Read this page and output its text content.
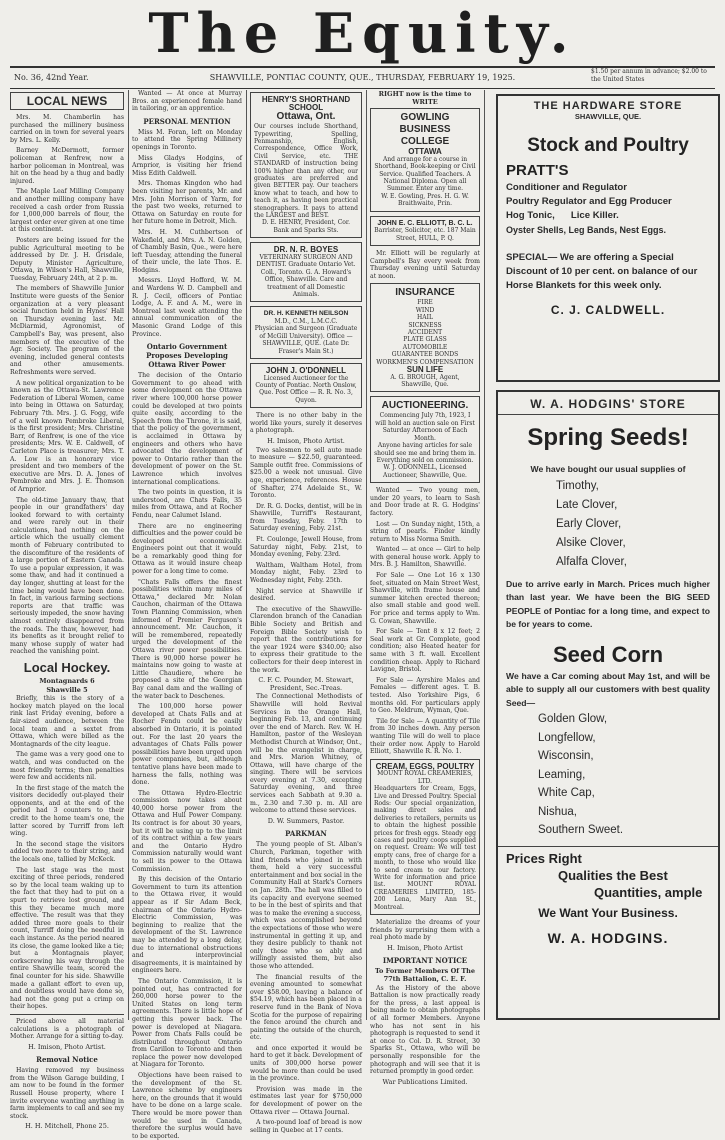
The Equity.
No. 36, 42nd Year.	SHAWVILLE, PONTIAC COUNTY, QUE., THURSDAY, FEBRUARY 19, 1925.
$1.50 per annum in advance; $2.00 to the United States
LOCAL NEWS

Mrs. M. Chamberlin has purchased the millinery business carried on in town for several years by Mrs. L. Kelly.

Barney McDermott, former policeman at Renfrew, now a harbor policeman in Montreal, was hit on the head by a thug and badly injured.

The Maple Leaf Milling Company and another milling company have received a cash order from Russia for 1,000,000 barrels of flour, the largest order ever given at one time at this continent.

Posters are being issued for the public Agricultural meeting to be addressed by Dr. J. H. Grisdale, Deputy Minister Agriculture, Ottawa, in Wilson's Hall, Shawville, Tuesday, February 24th, at 2 p. m.

The members of Shawville Junior Institute were guests of the Senior organization at a very pleasant social function held in Hynes' Hall on Thursday evening last. Mr. McDiarmid, Agronomist, of Campbell's Bay, was present, also members of the executive of the Agr. Society. The program of the evening, included general contests and other amusements. Refreshments were served.

A new political organization to be known as the Ottawa-St. Lawrence Federation of Liberal Women, came into being in Ottawa on Saturday, February 7th. Mrs. J. G. Fogg, wife of a well known Pembroke Liberal, is the first president; Mrs. Christine Barr, of Renfrew, is one of the vice presidents; Mrs. W. E. Caldwell, of Carleton Place is treasurer; Mrs. T. A. Low is an honorary vice president and two members of the executive are Mrs. D. A. Jones of Pembroke and Mrs. J. E. Thomson of Arnprior.

The old-time January thaw, that people in our grandfathers' day looked forward to with certainty and were rarely out in their calculations, had nothing on the article which the usually clement month of February contributed to the discomfiture of the residents of a large portion of Eastern Canada. To use a popular expression, it was some thaw, and had it continued a day longer, shutting at least for the time being would have been done. In fact, in various farming sections reports are that traffic was seriously impeded, the snow having almost entirely disappeared from the roads. The thaw, however, had its benefits as it brought relief to many whose supply of water had reached the vanishing point.

Local Hockey.
Montagnards 6
Shawville 5

Briefly, this is the story of a hockey match played on the local rink last Friday evening, before a fair-sized audience, between the local team and a sextet from Ottawa, which were billed as the Montagnards of the city league.

The game was a very good one to watch, and was conducted on the most friendly terms; then penalties were few and accidents nil.

In the first stage of the match the visitors decidedly out-played their opponents, and at the end of the period had 3 counters to their credit to the home team's one, the latter scored by Turriff from left wing.

In the second stage the visitors added two more to their string, and the locals one, tallied by McKeck.

The last stage was the most exciting of three periods, rendered so by the local team waking up to the fact that they had to put on a spurt to retrieve lost ground, and this they became much more effective. The result was that they added three more goals to their count, Turriff doing the needful in each instance. As the period neared its close, the game looked like a tie; but a Montagnais player, corkscrewing his way through the entire Shawville team, scored the final counter for his side. Shawville made a gallant effort to even up, and doubtless would have done so, had not the gong put a crimp on their hopes.

Priced above all material calculations is a photograph of Mother. Arrange for a sitting to-day.

H. Imison, Photo Artist.
Removal Notice

Having removed my business from the Wilson Garage building, I am now to be found in the former Russell House property, where I invite everyone wanting anything in farm implements to call and see my stock.

H. H. Mitchell, Phone 25.

Wanted — At once at Murray Bros. an experienced female hand in tailoring, or an apprentice.

PERSONAL MENTION

Miss M. Foran, left on Monday to attend the Spring Millinery openings in Toronto.

Miss Gladys Hodgins, of Arnprior, is visiting her friend Miss Edith Caldwell.

Mrs. Thomas Kingdon who had been visiting her parents, Mr. and Mrs. John Morrison of Yarm, for the past two weeks, returned to Ottawa on Saturday en route for her future home in Detroit, Mich.

Mrs. H. M. Cuthbertson of Wakefield, and Mrs. A. N. Golden, of Chambly Basin, Que., were here left Tuesday, attending the funeral of their uncle, the late Thos. E. Hodgins.

Messrs. Lloyd Hofford, W. M. and Wardens W. D. Campbell and R. J. Cecil, officers of Pontiac Lodge, A. F. and A. M., were in Montreal last week attending the annual communication of the Masonic Grand Lodge of this Province.

Ontario Government Proposes Developing Ottawa River Power

The decision of the Ontario Government to go ahead with some development on the Ottawa river where 100,000 horse power could be developed at two points quite easily, according to the Speech from the Throne, it is said, that the policy of the government, is acclaimed in Ottawa by engineers and others who have advocated the development of power to Ontario rather than the development of power on the St. Lawrence which involves international complications.

The two points in question, it is understood, are Chats Falls, 35 miles from Ottawa, and at Rocher Fendu, near Calumet Island.

There are no engineering difficulties and the power could be developed economically. Engineers point out that it would be a remarkably good thing for Ottawa as it would insure cheap power for a long time to come.

"Chats Falls offers the finest possibilities within many miles of Ottawa," declared Mr. Nolan Cauchon, chairman of the Ottawa Town Planning Commission, when informed of Premier Ferguson's announcement. Mr. Cauchon, it will be remembered, repeatedly urged the development of the Ottawa river power possibilities. There is 90,000 horse power he maintains now going to waste at Little Chaudiere, where he proposed a site of the Georgian Bay canal dam and the walling of the water back to Deschenes.

The 100,000 horse power developed at Chats Falls and at Rocher Fendu could be easily absorbed in Ontario, it is pointed out. For the last 20 years the advantages of Chats Falls power possibilities have been urged upon power companies, but, although tentative plans have been made to harness the falls, nothing was done.

The Ottawa Hydro-Electric commission now takes about 40,000 horse power from the Ottawa and Hull Power Company. Its contract is for about 30 years, but it will be using up to the limit of its contract within a few years and the Ontario Hydro Commission naturally would want to sell its power to the Ottawa Commission.

By this decision of the Ontario Government to turn its attention to the Ottawa river, it would appear as if Sir Adam Beck, chairman of the Ontario Hydro-Electric Commission, was beginning to realize that the development of the St. Lawrence may be attended by a long delay, due to international obstructions and interprovincial disagreements, it is maintained by engineers here.

The Ontario Commission, it is pointed out, has contracted for 260,000 horse power to the United States on long term agreements. There is little hope of getting this power back. The power is developed at Niagara. Power from Chats Falls could be distributed throughout Ontario from Carillon to Toronto and then replace the power now developed at Niagara for Toronto.

Objections have been raised to the development of the St. Lawrence scheme by engineers here, on the grounds that it would have to be done on a large scale. There would be more power than would be used in Canada, therefore the surplus would have to be exported.

HENRY'S SHORTHAND SCHOOL
Ottawa, Ont.
Our courses include Shorthand, Typewriting, Spelling, Penmanship, English, Correspondence, Office Work, Civil Service, etc. THE STANDARD of instruction being 100% higher than any other, our graduates are preferred and given BETTER pay. Our teachers know what to teach, and how to teach it, as having been practical stenographers. It pays to attend the LARGEST and BEST.
D. E. HENRY, President, Cor. Bank and Sparks Sts.
DR. N. R. BOYES
VETERINARY SURGEON AND DENTIST. Graduate Ontario Vet. Coll., Toronto. G. A. Howard's Office, Shawville. Care and treatment of all Domestic Animals.
DR. H. KENNETH NEILSON
M.D., C.M., L.M.C.C.
Physician and Surgeon (Graduate of McGill University). Office — SHAWVILLE, QUE. (Late Dr. Fraser's Main St.)
JOHN J. O'DONNELL
Licensed Auctioneer for the County of Pontiac. North Onslow, Que. Post Office — R. R. No. 3, Quyon.

There is no other baby in the world like yours, surely it deserves a photograph.

H. Imison, Photo Artist.

Two salesmen to sell auto made to measure — $22.50, guaranteed. Sample outfit free. Commissions of $25.00 a week not unusual. Give age, experience, references. House of Shafter, 274 Adelaide St., W. Toronto.

Dr. R. G. Docks, dentist, will be in Shawville, Turriff's Restaurant, from Tuesday, Feby. 17th to Saturday evening, Feby. 21st.

Ft. Coulonge, Jewell House, from Saturday night, Feby. 21st, to Monday evening, Feby. 23rd.

Waltham, Waltham Hotel, from Monday night, Feby. 23rd to Wednesday night, Feby. 25th.

Night service at Shawville if desired.

The executive of the Shawville-Clarendon branch of the Canadian Bible Society and British and Foreign Bible Society wish to report that the contributions for the year 1924 were $340.00; also to express their gratitude to the collectors for their deep interest in the work.

C. F. C. Pounder, M. Stewart, President, Sec.-Treas.

The Connectional Methodists of Shawville will hold Revival Services in the Orange Hall, beginning Feb. 13, and continuing over the end of March. Rev. W. H. Hamilton, pastor of the Wesleyan Methodist Church at Windsor, Ont., will be the evangelist in charge, and Mrs. Marion Whitney, of Ottawa, will have charge of the singing. There will be services every evening at 7.30, excepting Saturday evening, and three services each Sabbath at 9.30 a. m., 2.30 and 7.30 p. m. All are welcome to attend these services.

D. W. Summers, Pastor.
PARKMAN

The young people of St. Alban's Church, Parkman, together with kind friends who joined in with them, held a very successful entertainment and box social in the Community Hall at Stark's Corners on Jan. 28th. The hall was filled to its capacity and everyone seemed to be in the best of spirits and that was to make the evening a success, which was accomplished beyond the expectations of those who were instrumental in getting it up, and they desire publicly to thank not only those who so ably and willingly assisted them, but also those who attended.

The financial results of the evening amounted to somewhat over $58.00, leaving a balance of $54.19, which has been placed in a reserve fund in the Bank of Nova Scotia for the purpose of repairing the fence around the church and painting the outside of the church, etc.

and once exported it would be hard to get it back. Development of units of 300,000 horse power would be more than could be used in the province.

Provision was made in the estimates last year for $750,000 for development of power on the Ottawa river — Ottawa Journal.

A two-pound loaf of bread is now selling in Quebec at 17 cents.

RIGHT now is the time to WRITE
GOWLING BUSINESS COLLEGE
OTTAWA
And arrange for a course in Shorthand, Book-keeping or Civil Service. Qualified Teachers. A National Diploma. Open all Summer. Enter any time.
W. E. Gowling, Pres. H. G. W. Braithwaite, Prin.
JOHN E. C. ELLIOTT, B. C. L.
Barrister, Solicitor, etc. 187 Main Street, HULL, P. Q.

Mr. Elliott will be regularly at Campbell's Bay every week from Thursday evening until Saturday at noon.

INSURANCE
FIRE
WIND
HAIL
SICKNESS
ACCIDENT
PLATE GLASS
AUTOMOBILE
GUARANTEE BONDS
WORKMEN'S COMPENSATION
SUN LIFE
A. G. BROUGH, Agent, Shawville, Que.
AUCTIONEERING.
Commencing July 7th, 1923, I will hold an auction sale on First Saturday Afternoon of Each Month.
Anyone having articles for sale should see me and bring them in. Everything sold on commission.
W. J. ODONNELL, Licensed Auctioneer, Shawville, Que.

Wanted — Two young men, under 20 years, to learn to Sash and Door trade at R. G. Hodgins' factory.

Lost — On Sunday night, 15th, a string of pearls. Finder kindly return to Miss Norma Smith.

Wanted — at once — Girl to help with general house work. Apply to Mrs. B. J. Hamilton, Shawville.

For Sale — One Lot 16 x 130 feet, situated on Main Street West, Shawville, with frame house and summer kitchen erected thereon; also small stable and good well. For price and terms apply to Wm. G. Cowan, Shawville.

For Sale — Tent 8 x 12 feet; 2 Seal work at Gr. Complete, good condition; also Heated heater for same with 3 ft. wall. Excellent condition cheap. Apply to Richard Lavigne, Bristol.

For Sale — Ayrshire Males and Females — different ages. T. B. tested. Also Yorkshire Pigs, 6 months old. For particulars apply to Geo. Meldrum, Wyman, Que.

Tile for Sale — A quantity of Tile from 30 inches down. Any person wanting Tile will do well to place their order now. Apply to Harold Elliott, Shawville R. R. No. 1.

CREAM, EGGS, POULTRY
MOUNT ROYAL CREAMERIES, LTD.
Headquarters for Cream, Eggs, Live and Dressed Poultry. Special Rods: Our special organization, making direct sales and deliveries to retailers, permits us to obtain the highest possible prices for fresh eggs. Steady egg cases and poultry coops supplied on request. Cream: We will test empty cans, free of charge for a month, to those who would like to send cream to our factory. Write for information and price list. MOUNT ROYAL CREAMERIES LIMITED, 185-200 Lena, Mary Ann St., Montreal.

Materialize the dreams of your friends by surprising them with a real photo made by

H. Imison, Photo Artist
IMPORTANT NOTICE
To Former Members Of The 77th Battalion, C. E. F.

As the History of the above Battalion is now practically ready for the press, a last appeal is being made to obtain photographs of all former Members. Anyone who has not sent in his photograph is requested to send it at once to Col. D. R. Street, 30 Sparks St., Ottawa, who will be personally responsible for the photograph and will see that it is returned promptly in good order.

War Publications Limited.
THE HARDWARE STORE
SHAWVILLE, QUE.
Stock and Poultry
PRATT'S
Conditioner and Regulator
Poultry Regulator and Egg Producer
Hog Tonic,      Lice Killer.
Oyster Shells, Leg Bands, Nest Eggs.
SPECIAL— We are offering a Special Discount of 10 per cent. on balance of our Horse Blankets for this week only.
C. J. CALDWELL.
W. A. HODGINS' STORE
Spring Seeds!
We have bought our usual supplies of
Timothy,
Late Clover,
Early Clover,
Alsike Clover,
Alfalfa Clover,
Due to arrive early in March. Prices much higher than last year. We have been the BIG SEED PEOPLE of Pontiac for a long time, and expect to be for years to come.
Seed Corn
We have a Car coming about May 1st, and will be able to supply all our customers with best quality Seed—
Golden Glow,
Longfellow,
Wisconsin,
Leaming,
White Cap,
Nishua,
Southern Sweet.
Prices Right
Qualities the Best
Quantities, ample
We Want Your Business.
W. A. HODGINS.
